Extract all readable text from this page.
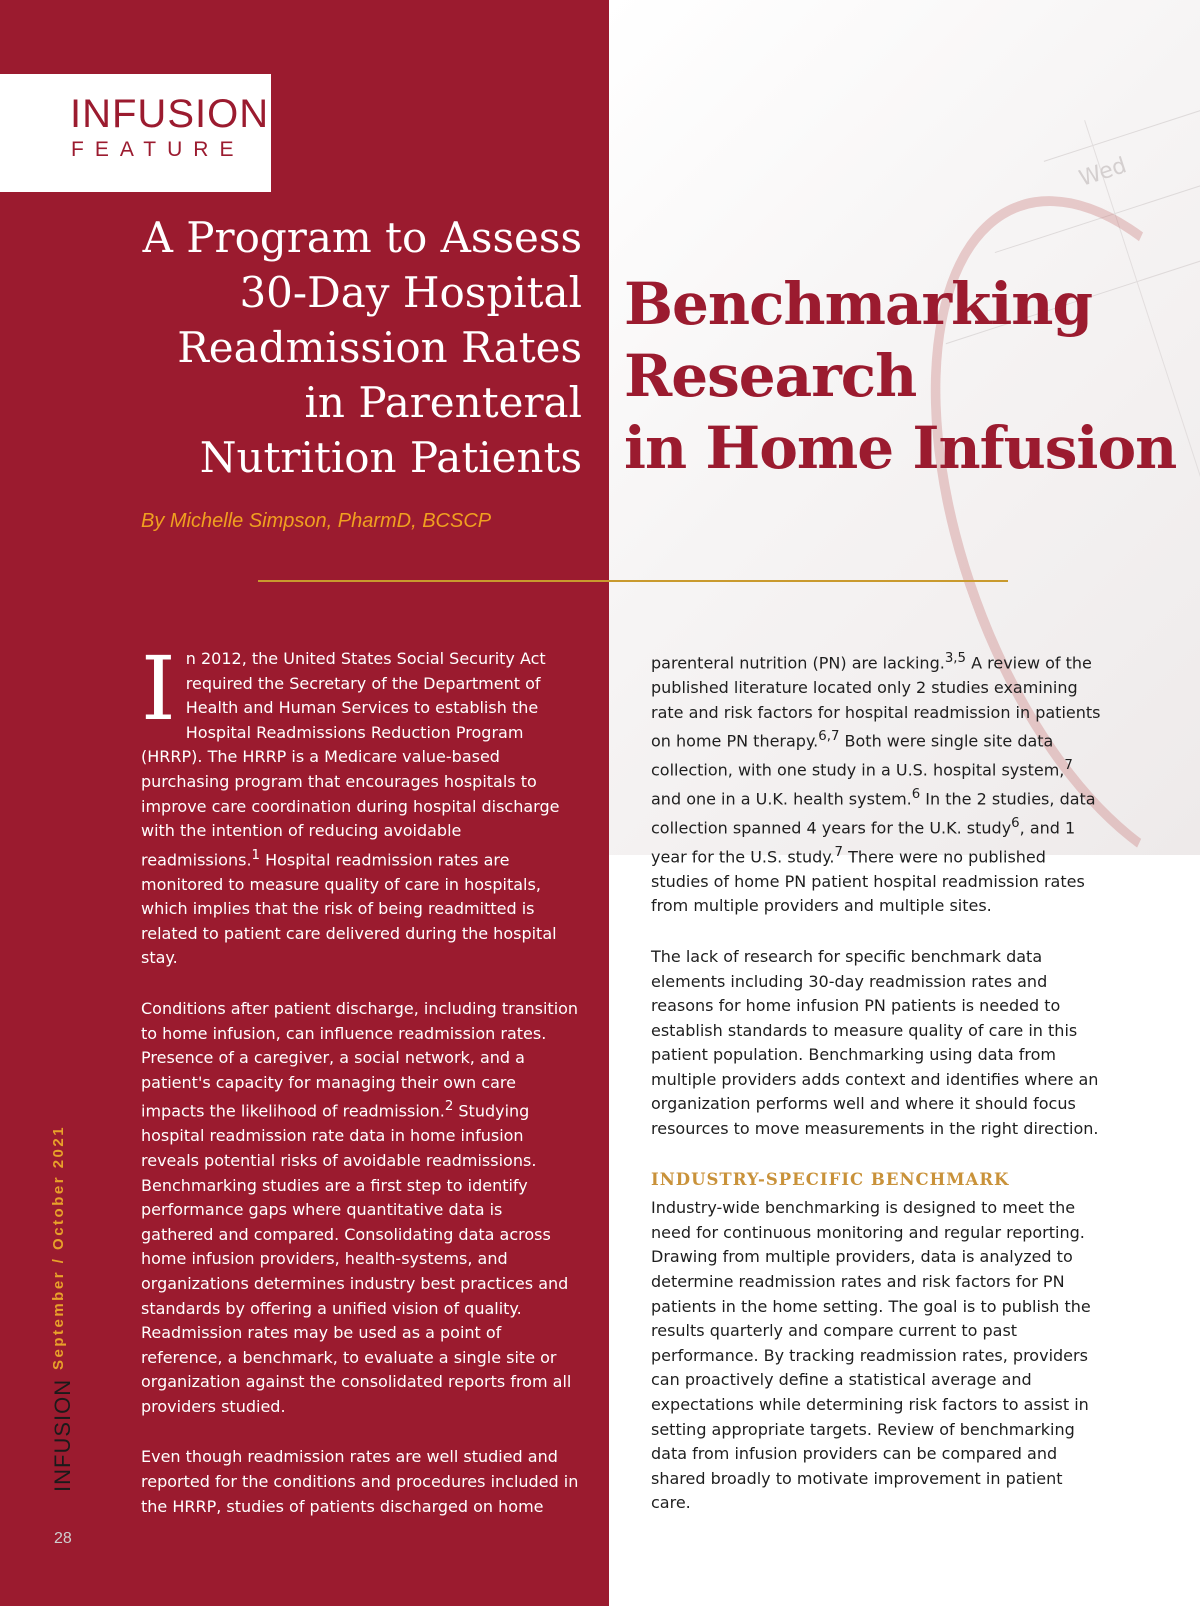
Wed
INFUSION
FEATURE
A Program to Assess
30-Day Hospital
Readmission Rates
in Parenteral
Nutrition Patients
Benchmarking
Research
in Home Infusion
By Michelle Simpson, PharmD, BCSCP

In 2012, the United States Social Security Act required the Secretary of the Department of Health and Human Services to establish the Hospital Readmissions Reduction Program (HRRP). The HRRP is a Medicare value-based purchasing program that encourages hospitals to improve care coordination during hospital discharge with the intention of reducing avoidable readmissions.$^1$ Hospital readmission rates are monitored to measure quality of care in hospitals, which implies that the risk of being readmitted is related to patient care delivered during the hospital stay.

Conditions after patient discharge, including transition to home infusion, can influence readmission rates. Presence of a caregiver, a social network, and a patient's capacity for managing their own care impacts the likelihood of readmission.$^2$ Studying hospital readmission rate data in home infusion reveals potential risks of avoidable readmissions. Benchmarking studies are a first step to identify performance gaps where quantitative data is gathered and compared. Consolidating data across home infusion providers, health-systems, and organizations determines industry best practices and standards by offering a unified vision of quality. Readmission rates may be used as a point of reference, a benchmark, to evaluate a single site or organization against the consolidated reports from all providers studied.

Even though readmission rates are well studied and reported for the conditions and procedures included in the HRRP, studies of patients discharged on home

parenteral nutrition (PN) are lacking.$^{3,5}$ A review of the published literature located only 2 studies examining rate and risk factors for hospital readmission in patients on home PN therapy.$^{6,7}$ Both were single site data collection, with one study in a U.S. hospital system,$^7$ and one in a U.K. health system.$^6$ In the 2 studies, data collection spanned 4 years for the U.K. study$^6$, and 1 year for the U.S. study.$^7$ There were no published studies of home PN patient hospital readmission rates from multiple providers and multiple sites.

The lack of research for specific benchmark data elements including 30-day readmission rates and reasons for home infusion PN patients is needed to establish standards to measure quality of care in this patient population. Benchmarking using data from multiple providers adds context and identifies where an organization performs well and where it should focus resources to move measurements in the right direction.

INDUSTRY-SPECIFIC BENCHMARK

Industry-wide benchmarking is designed to meet the need for continuous monitoring and regular reporting. Drawing from multiple providers, data is analyzed to determine readmission rates and risk factors for PN patients in the home setting. The goal is to publish the results quarterly and compare current to past performance. By tracking readmission rates, providers can proactively define a statistical average and expectations while determining risk factors to assist in setting appropriate targets. Review of benchmarking data from infusion providers can be compared and shared broadly to motivate improvement in patient care.

September / October 2021
INFUSION
28
